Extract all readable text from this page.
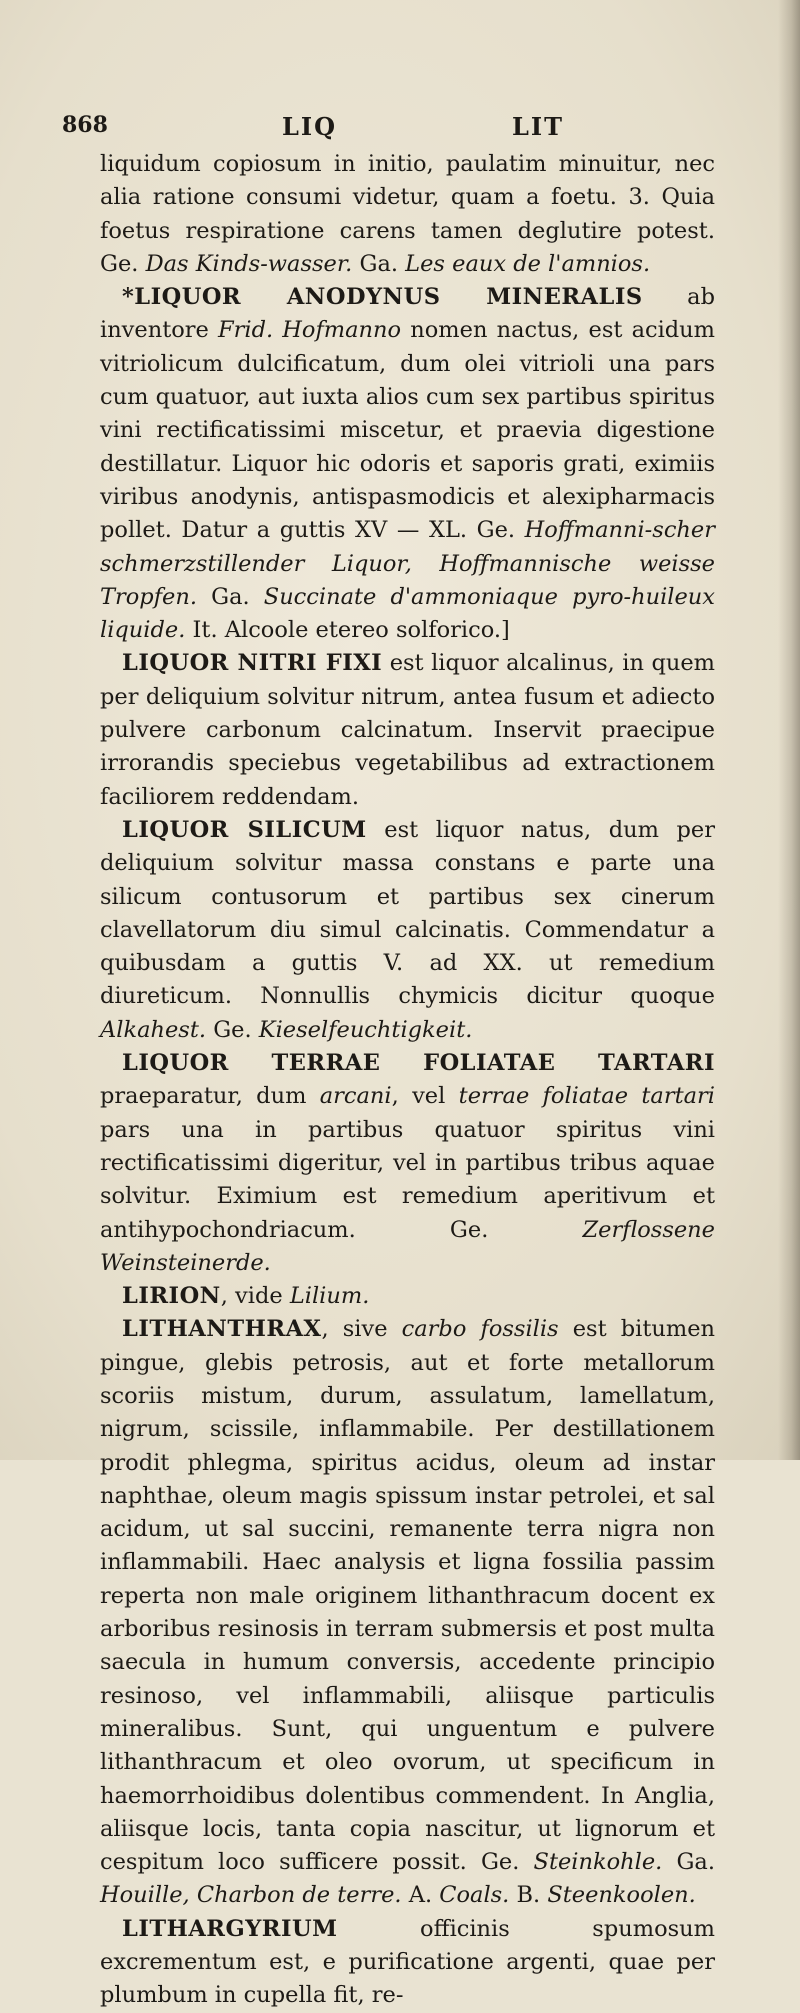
868	LIQ	LIT

liquidum copiosum in initio, paulatim minuitur, nec alia ratione consumi videtur, quam a foetu. 3. Quia foetus respiratione carens tamen deglutire potest. Ge. Das Kinds-wasser. Ga. Les eaux de l'amnios.

*LIQUOR ANODYNUS MINERALIS ab inventore Frid. Hofmanno nomen nactus, est acidum vitriolicum dulcificatum, dum olei vitrioli una pars cum quatuor, aut iuxta alios cum sex partibus spiritus vini rectificatissimi miscetur, et praevia digestione destillatur. Liquor hic odoris et saporis grati, eximiis viribus anodynis, antispasmodicis et alexipharmacis pollet. Datur a guttis XV — XL. Ge. Hoffmanni-scher schmerzstillender Liquor, Hoffmannische weisse Tropfen. Ga. Succinate d'ammoniaque pyro-huileux liquide. It. Alcoole etereo solforico.]

LIQUOR NITRI FIXI est liquor alcalinus, in quem per deliquium solvitur nitrum, antea fusum et adiecto pulvere carbonum calcinatum. Inservit praecipue irrorandis speciebus vegetabilibus ad extractionem faciliorem reddendam.

LIQUOR SILICUM est liquor natus, dum per deliquium solvitur massa constans e parte una silicum contusorum et partibus sex cinerum clavellatorum diu simul calcinatis. Commendatur a quibusdam a guttis V. ad XX. ut remedium diureticum. Nonnullis chymicis dicitur quoque Alkahest. Ge. Kieselfeuchtigkeit.

LIQUOR TERRAE FOLIATAE TARTARI praeparatur, dum arcani, vel terrae foliatae tartari pars una in partibus quatuor spiritus vini rectificatissimi digeritur, vel in partibus tribus aquae solvitur. Eximium est remedium aperitivum et antihypochondriacum. Ge. Zerflossene Weinsteinerde.

LIRION, vide Lilium.

LITHANTHRAX, sive carbo fossilis est bitumen pingue, glebis petrosis, aut et forte metallorum scoriis mistum, durum, assulatum, lamellatum, nigrum, scissile, inflammabile. Per destillationem prodit phlegma, spiritus acidus, oleum ad instar naphthae, oleum magis spissum instar petrolei, et sal acidum, ut sal succini, remanente terra nigra non inflammabili. Haec analysis et ligna fossilia passim reperta non male originem lithanthracum docent ex arboribus resinosis in terram submersis et post multa saecula in humum conversis, accedente principio resinoso, vel inflammabili, aliisque particulis mineralibus. Sunt, qui unguentum e pulvere lithanthracum et oleo ovorum, ut specificum in haemorrhoidibus dolentibus commendent. In Anglia, aliisque locis, tanta copia nascitur, ut lignorum et cespitum loco sufficere possit. Ge. Steinkohle. Ga. Houille, Charbon de terre. A. Coals. B. Steenkoolen.

LITHARGYRIUM officinis spumosum excrementum est, e purificatione argenti, quae per plumbum in cupella fit, re-
